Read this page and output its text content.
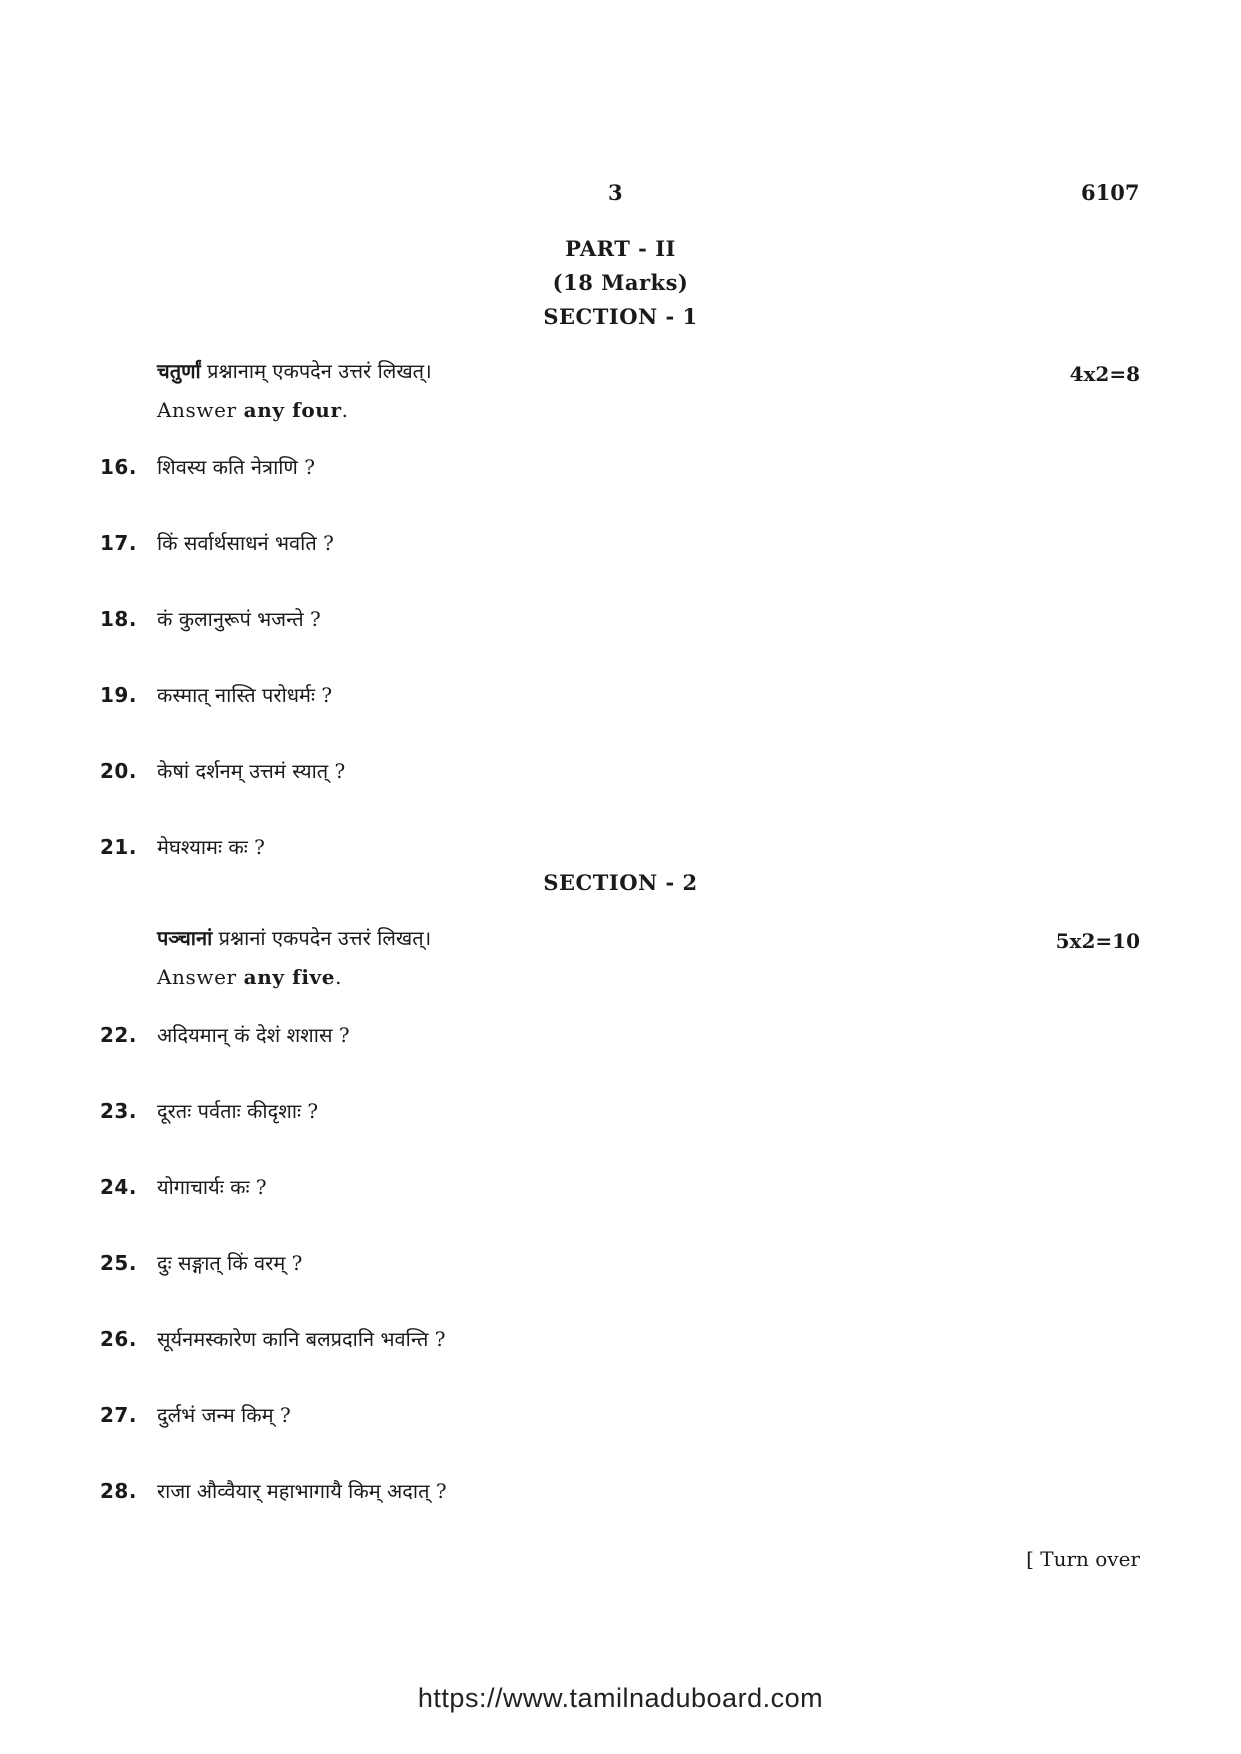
3	6107
PART - II
(18 Marks)
SECTION - 1
चतुर्णां प्रश्नानाम् एकपदेन उत्तरं लिखत्।	4x2=8
Answer any four.
16.	शिवस्य कति नेत्राणि ?
17.	किं सर्वार्थसाधनं भवति ?
18.	कं कुलानुरूपं भजन्ते ?
19.	कस्मात् नास्ति परोधर्मः ?
20.	केषां दर्शनम् उत्तमं स्यात् ?
21.	मेघश्यामः कः ?
SECTION - 2
पञ्चानां प्रश्नानां एकपदेन उत्तरं लिखत्।	5x2=10
Answer any five.
22.	अदियमान् कं देशं शशास ?
23.	दूरतः पर्वताः कीदृशाः ?
24.	योगाचार्यः कः ?
25.	दुः सङ्गात् किं वरम् ?
26.	सूर्यनमस्कारेण कानि बलप्रदानि भवन्ति ?
27.	दुर्लभं जन्म किम् ?
28.	राजा औव्वैयार् महाभागायै किम् अदात् ?
[ Turn over
https://www.tamilnaduboard.com
